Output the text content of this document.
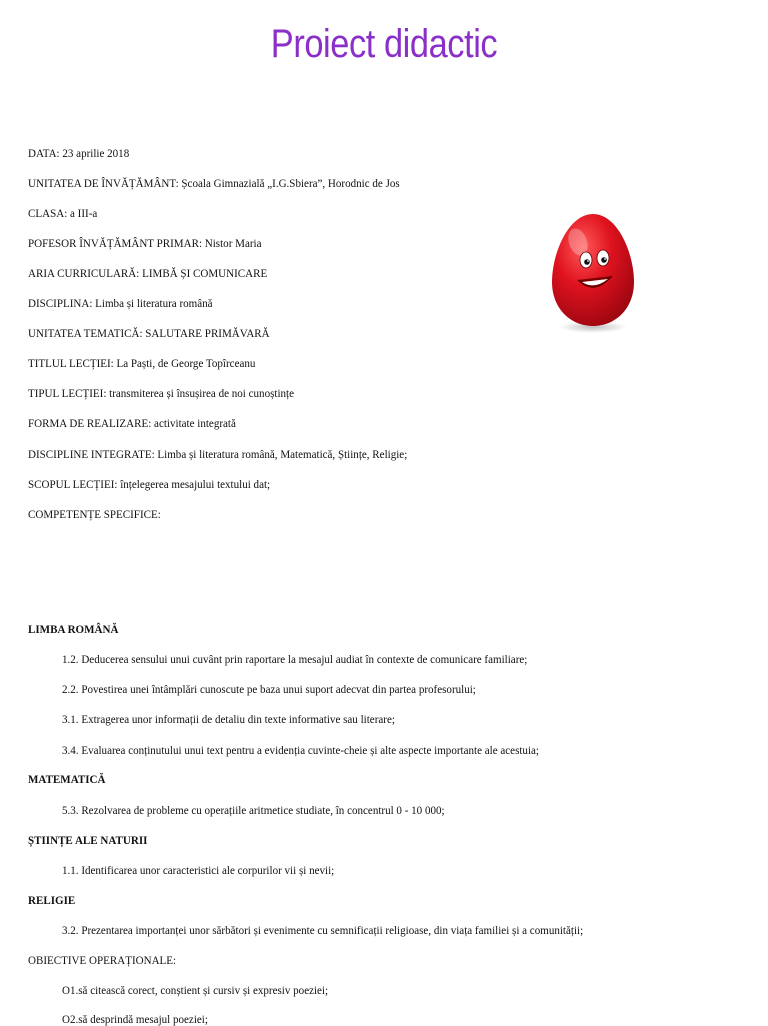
Proiect didactic
DATA: 23 aprilie 2018
UNITATEA DE ÎNVĂȚĂMÂNT: Școala Gimnazială „I.G.Sbiera”, Horodnic de Jos
CLASA: a III-a
POFESOR ÎNVĂȚĂMÂNT PRIMAR: Nistor Maria
ARIA CURRICULARĂ: LIMBĂ ȘI COMUNICARE
DISCIPLINA: Limba și literatura română
UNITATEA TEMATICĂ: SALUTARE PRIMĂVARĂ
TITLUL LECȚIEI: La Paști, de George Topîrceanu
TIPUL LECȚIEI: transmiterea și însușirea de noi cunoștințe
FORMA DE REALIZARE: activitate integrată
DISCIPLINE INTEGRATE: Limba și literatura română, Matematică, Științe, Religie;
SCOPUL LECȚIEI: înțelegerea mesajului textului dat;
COMPETENȚE SPECIFICE:
LIMBA ROMÂNĂ
1.2. Deducerea sensului unui cuvânt prin raportare la mesajul audiat în contexte de comunicare familiare;
2.2. Povestirea unei întâmplări cunoscute pe baza unui suport adecvat din partea profesorului;
3.1. Extragerea unor informații de detaliu din texte informative sau literare;
3.4. Evaluarea conținutului unui text pentru a evidenția cuvinte-cheie și alte aspecte importante ale acestuia;
MATEMATICĂ
5.3. Rezolvarea de probleme cu operațiile aritmetice studiate, în concentrul 0 - 10 000;
ȘTIINȚE ALE NATURII
1.1. Identificarea unor caracteristici ale corpurilor vii și nevii;
RELIGIE
3.2. Prezentarea importanței unor sărbători și evenimente cu semnificații religioase, din viața familiei și a comunității;
OBIECTIVE OPERAȚIONALE:
O1.să citească corect, conștient și cursiv și expresiv poeziei;
O2.să desprindă mesajul poeziei;
